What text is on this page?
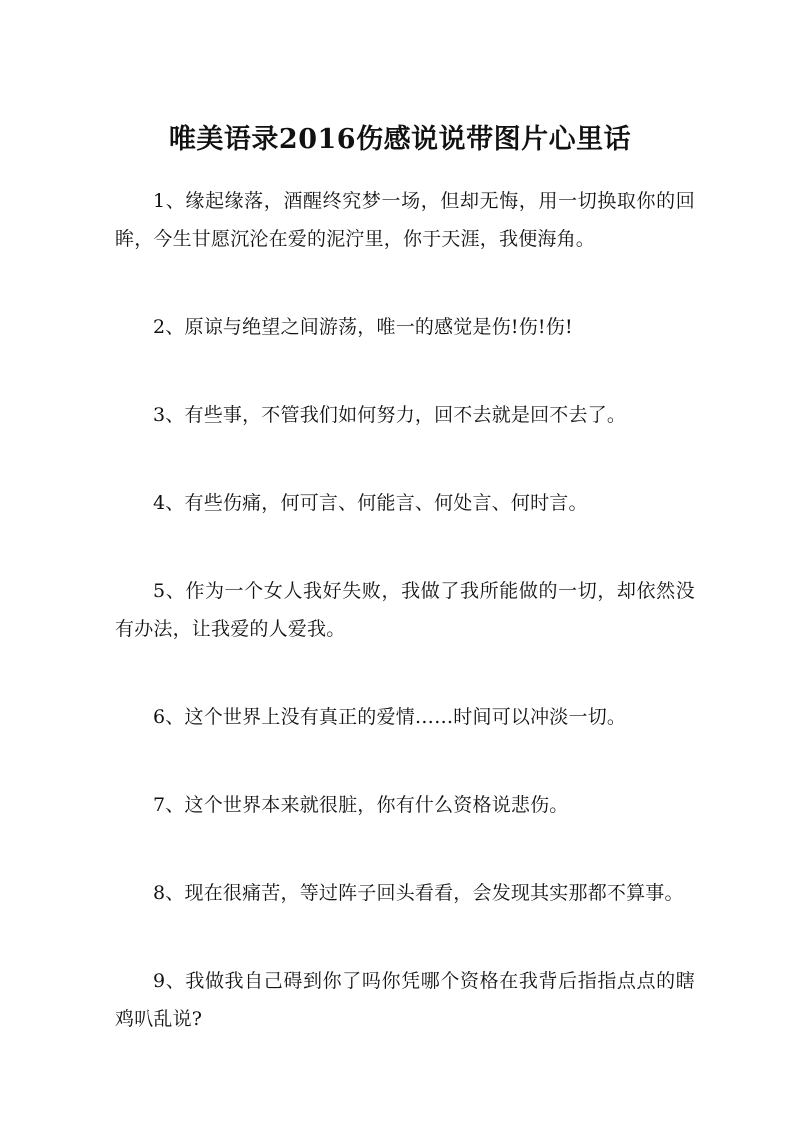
唯美语录2016伤感说说带图片心里话

1、缘起缘落，酒醒终究梦一场，但却无悔，用一切换取你的回眸，今生甘愿沉沦在爱的泥泞里，你于天涯，我便海角。

2、原谅与绝望之间游荡，唯一的感觉是伤!伤!伤!

3、有些事，不管我们如何努力，回不去就是回不去了。

4、有些伤痛，何可言、何能言、何处言、何时言。

5、作为一个女人我好失败，我做了我所能做的一切，却依然没有办法，让我爱的人爱我。

6、这个世界上没有真正的爱情……时间可以冲淡一切。

7、这个世界本来就很脏，你有什么资格说悲伤。

8、现在很痛苦，等过阵子回头看看，会发现其实那都不算事。

9、我做我自己碍到你了吗你凭哪个资格在我背后指指点点的瞎鸡叭乱说?
